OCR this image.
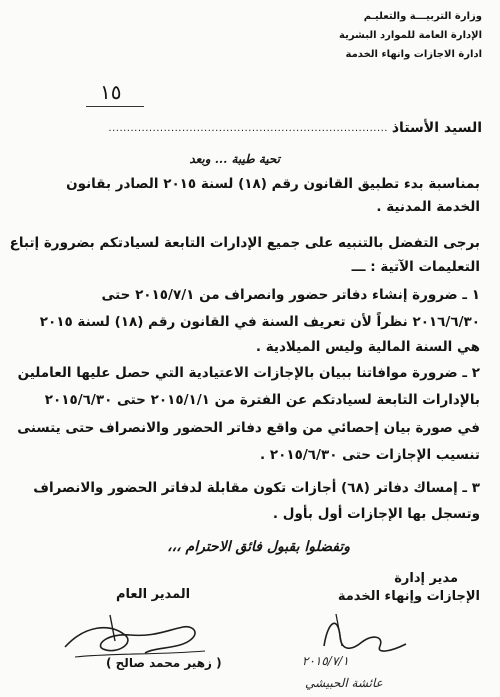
وزارة التربيـــة والتعليـم
الإدارة العامة للموارد البشرية
ادارة الاجازات وانهاء الخدمة
١٥
السيد الأستاذ
............................................................................
تحية طيبة ... وبعد
بمناسبة بدء تطبيق القانون رقم (١٨) لسنة ٢٠١٥ الصادر بقانون
الخدمة المدنية .
برجى التفضل بالتنبيه على جميع الإدارات التابعة لسيادتكم بضرورة إتباع
التعليمات الآتية : ـــ
١ ـ ضرورة إنشاء دفاتر حضور وانصراف من ٢٠١٥/٧/١ حتى
٢٠١٦/٦/٣٠ نظراً لأن تعريف السنة في القانون رقم (١٨) لسنة ٢٠١٥
هي السنة المالية وليس الميلادية .
٢ ـ ضرورة موافاتنا ببيان بالإجازات الاعتيادية التي حصل عليها العاملين
بالإدارات التابعة لسيادتكم عن الفترة من ٢٠١٥/١/١ حتى ٢٠١٥/٦/٣٠
في صورة بيان إحصائي من واقع دفاتر الحضور والانصراف حتى يتسنى
تنسيب الإجازات حتى ٢٠١٥/٦/٣٠ .
٣ ـ إمساك دفاتر (٦٨) أجازات تكون مقابلة لدفاتر الحضور والانصراف
وتسجل بها الإجازات أول بأول .
وتفضلوا بقبول فائق الاحترام ،،،
مدير إدارة
الإجازات وإنهاء الخدمة
المدير العام
( زهير محمد صالح )	٢٠١٥/٧/١
عائشة الحبيشي
